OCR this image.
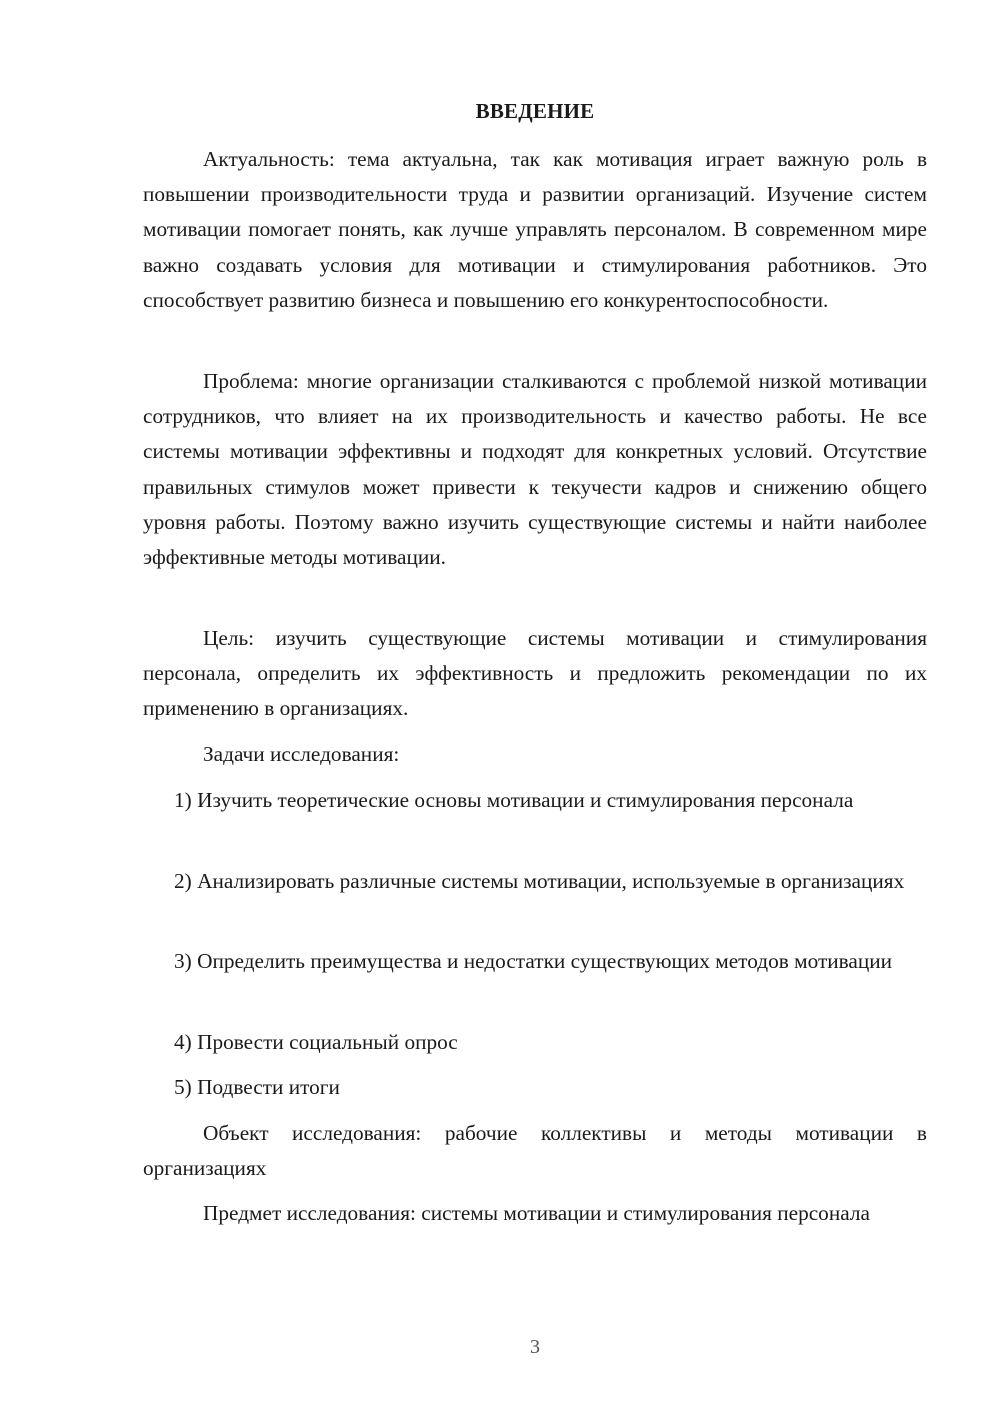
ВВЕДЕНИЕ

Актуальность: тема актуальна, так как мотивация играет важную роль в повышении производительности труда и развитии организаций. Изучение систем мотивации помогает понять, как лучше управлять персоналом. В современном мире важно создавать условия для мотивации и стимулирования работников. Это способствует развитию бизнеса и повышению его конкурентоспособности.

Проблема: многие организации сталкиваются с проблемой низкой мотивации сотрудников, что влияет на их производительность и качество работы. Не все системы мотивации эффективны и подходят для конкретных условий. Отсутствие правильных стимулов может привести к текучести кадров и снижению общего уровня работы. Поэтому важно изучить существующие системы и найти наиболее эффективные методы мотивации.

Цель: изучить существующие системы мотивации и стимулирования персонала, определить их эффективность и предложить рекомендации по их применению в организациях.

Задачи исследования:

1) Изучить теоретические основы мотивации и стимулирования персонала

2) Анализировать различные системы мотивации, используемые в организациях

3) Определить преимущества и недостатки существующих методов мотивации

4) Провести социальный опрос

5) Подвести итоги

Объект исследования: рабочие коллективы и методы мотивации в организациях

Предмет исследования: системы мотивации и стимулирования персонала

3
